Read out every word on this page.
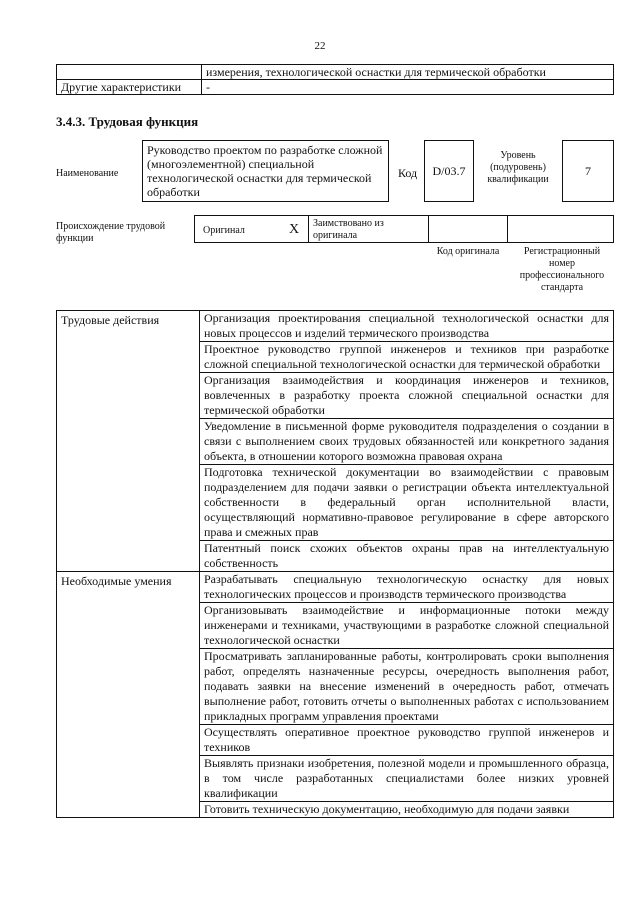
22
	измерения, технологической оснастки для термической обработки
Другие характеристики	-
3.4.3. Трудовая функция
Наименование
Руководство проектом по разработке сложной (многоэлементной) специальной технологической оснастки для термической обработки
Код	D/03.7
Уровень (подуровень) квалификации
7
Происхождение трудовой функции
Оригинал	X Заимствовано из оригинала
Код оригинала	Регистрационный номер профессионального стандарта
Трудовые действия	Организация проектирования специальной технологической оснастки для новых процессов и изделий термического производства
	Проектное руководство группой инженеров и техников при разработке сложной специальной технологической оснастки для термической обработки
	Организация взаимодействия и координация инженеров и техников, вовлеченных в разработку проекта сложной специальной оснастки для термической обработки
	Уведомление в письменной форме руководителя подразделения о создании в связи с выполнением своих трудовых обязанностей или конкретного задания объекта, в отношении которого возможна правовая охрана
	Подготовка технической документации во взаимодействии с правовым подразделением для подачи заявки о регистрации объекта интеллектуальной собственности в федеральный орган исполнительной власти, осуществляющий нормативно-правовое регулирование в сфере авторского права и смежных прав
	Патентный поиск схожих объектов охраны прав на интеллектуальную собственность
Необходимые умения	Разрабатывать специальную технологическую оснастку для новых технологических процессов и производств термического производства
	Организовывать взаимодействие и информационные потоки между инженерами и техниками, участвующими в разработке сложной специальной технологической оснастки
	Просматривать запланированные работы, контролировать сроки выполнения работ, определять назначенные ресурсы, очередность выполнения работ, подавать заявки на внесение изменений в очередность работ, отмечать выполнение работ, готовить отчеты о выполненных работах с использованием прикладных программ управления проектами
	Осуществлять оперативное проектное руководство группой инженеров и техников
	Выявлять признаки изобретения, полезной модели и промышленного образца, в том числе разработанных специалистами более низких уровней квалификации
	Готовить техническую документацию, необходимую для подачи заявки
